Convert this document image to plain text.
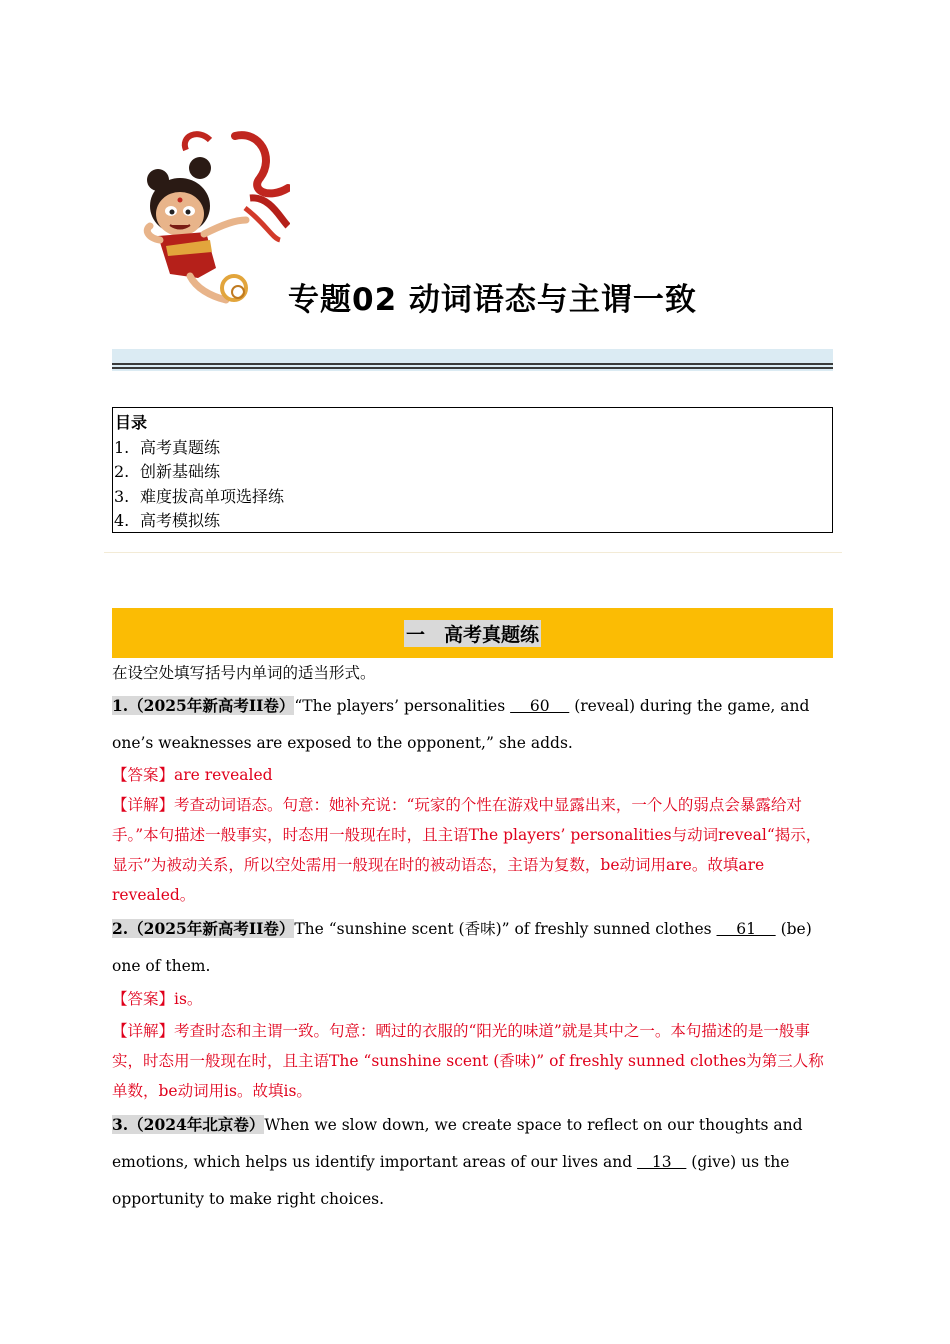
专题02 动词语态与主谓一致
目录
1. 高考真题练
2. 创新基础练
3. 难度拔高单项选择练
4. 高考模拟练
一　高考真题练
在设空处填写括号内单词的适当形式。
1.（2025年新高考II卷）“The players’ personalities     60     (reveal) during the game, and one’s weaknesses are exposed to the opponent,” she adds.
【答案】are revealed
【详解】考查动词语态。句意：她补充说：“玩家的个性在游戏中显露出来，一个人的弱点会暴露给对手。”本句描述一般事实，时态用一般现在时，且主语The players’ personalities与动词reveal“揭示，显示”为被动关系，所以空处需用一般现在时的被动语态，主语为复数，be动词用are。故填are revealed。
2.（2025年新高考II卷）The “sunshine scent (香味)” of freshly sunned clothes     61     (be) one of them.
【答案】is。
【详解】考查时态和主谓一致。句意：晒过的衣服的“阳光的味道”就是其中之一。本句描述的是一般事实，时态用一般现在时，且主语The “sunshine scent (香味)” of freshly sunned clothes为第三人称单数，be动词用is。故填is。
3.（2024年北京卷）When we slow down, we create space to reflect on our thoughts and emotions, which helps us identify important areas of our lives and    13    (give) us the opportunity to make right choices.
